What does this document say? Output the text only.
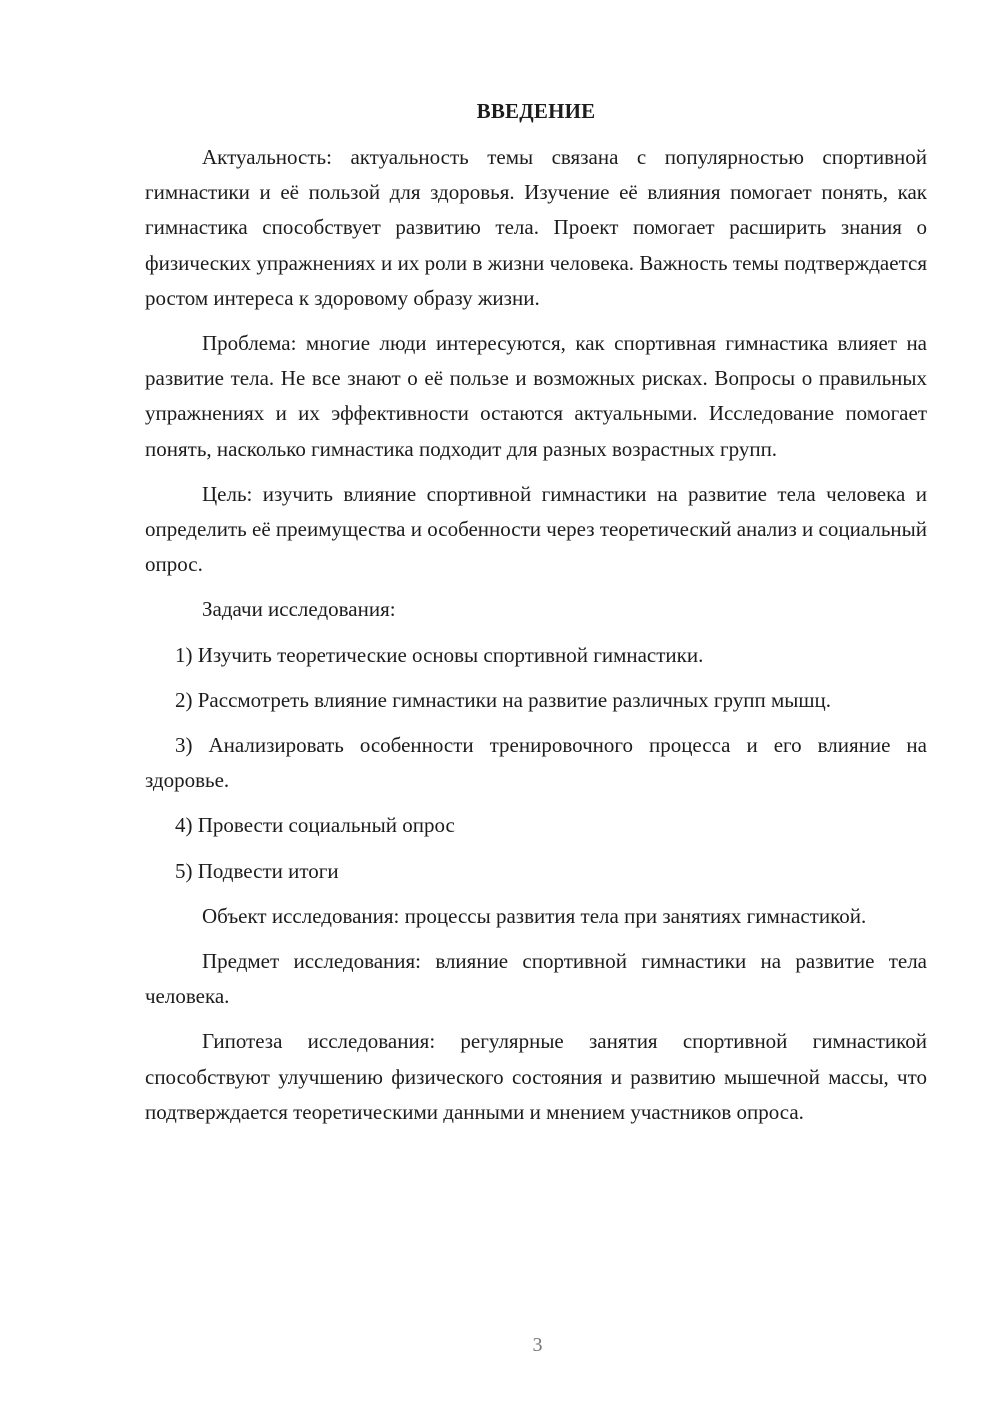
ВВЕДЕНИЕ

Актуальность: актуальность темы связана с популярностью спортивной гимнастики и её пользой для здоровья. Изучение её влияния помогает понять, как гимнастика способствует развитию тела. Проект помогает расширить знания о физических упражнениях и их роли в жизни человека. Важность темы подтверждается ростом интереса к здоровому образу жизни.

Проблема: многие люди интересуются, как спортивная гимнастика влияет на развитие тела. Не все знают о её пользе и возможных рисках. Вопросы о правильных упражнениях и их эффективности остаются актуальными. Исследование помогает понять, насколько гимнастика подходит для разных возрастных групп.

Цель: изучить влияние спортивной гимнастики на развитие тела человека и определить её преимущества и особенности через теоретический анализ и социальный опрос.

Задачи исследования:

1) Изучить теоретические основы спортивной гимнастики.

2) Рассмотреть влияние гимнастики на развитие различных групп мышц.

3) Анализировать особенности тренировочного процесса и его влияние на здоровье.

4) Провести социальный опрос

5) Подвести итоги

Объект исследования: процессы развития тела при занятиях гимнастикой.

Предмет исследования: влияние спортивной гимнастики на развитие тела человека.

Гипотеза исследования: регулярные занятия спортивной гимнастикой способствуют улучшению физического состояния и развитию мышечной массы, что подтверждается теоретическими данными и мнением участников опроса.

3
